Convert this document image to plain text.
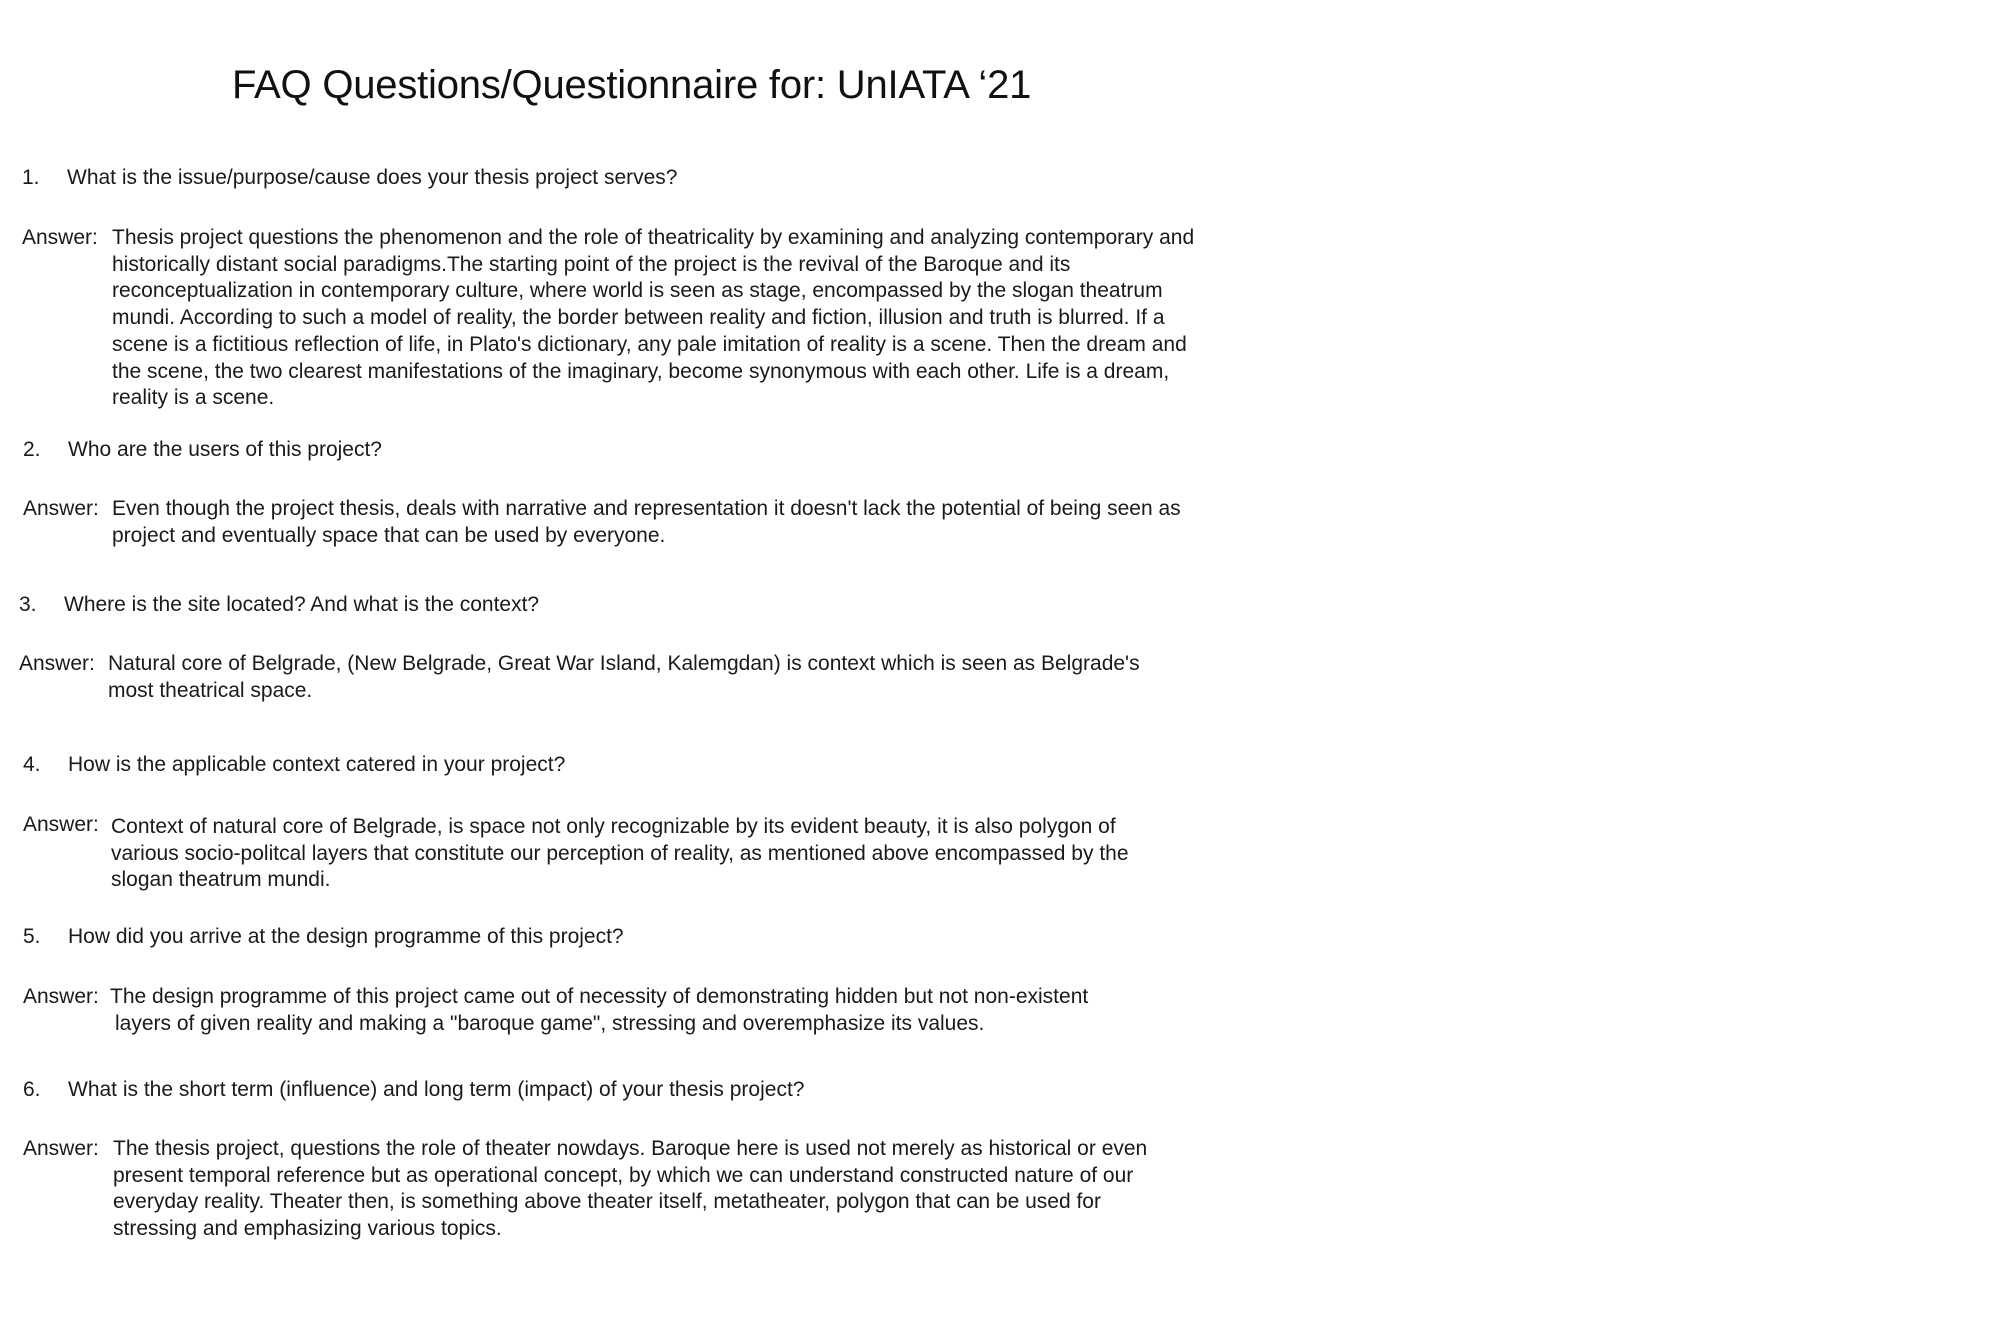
FAQ Questions/Questionnaire for: UnIATA ‘21
1. What is the issue/purpose/cause does your thesis project serves?
Answer: Thesis project questions the phenomenon and the role of theatricality by examining and analyzing contemporary and
historically distant social paradigms.The starting point of the project is the revival of the Baroque and its
reconceptualization in contemporary culture, where world is seen as stage, encompassed by the slogan theatrum
mundi. According to such a model of reality, the border between reality and fiction, illusion and truth is blurred. If a
scene is a fictitious reflection of life, in Plato's dictionary, any pale imitation of reality is a scene. Then the dream and
the scene, the two clearest manifestations of the imaginary, become synonymous with each other. Life is a dream,
reality is a scene.
2. Who are the users of this project?
Answer: Even though the project thesis, deals with narrative and representation it doesn't lack the potential of being seen as
project and eventually space that can be used by everyone.
3. Where is the site located? And what is the context?
Answer: Natural core of Belgrade, (New Belgrade, Great War Island, Kalemgdan) is context which is seen as Belgrade's
most theatrical space.
4. How is the applicable context catered in your project?
Answer: Context of natural core of Belgrade, is space not only recognizable by its evident beauty, it is also polygon of
various socio-politcal layers that constitute our perception of reality, as mentioned above encompassed by the
slogan theatrum mundi.
5. How did you arrive at the design programme of this project?
Answer: The design programme of this project came out of necessity of demonstrating hidden but not non-existent
layers of given reality and making a "baroque game", stressing and overemphasize its values.
6. What is the short term (influence) and long term (impact) of your thesis project?
Answer: The thesis project, questions the role of theater nowdays. Baroque here is used not merely as historical or even
present temporal reference but as operational concept, by which we can understand constructed nature of our
everyday reality. Theater then, is something above theater itself, metatheater, polygon that can be used for
stressing and emphasizing various topics.
